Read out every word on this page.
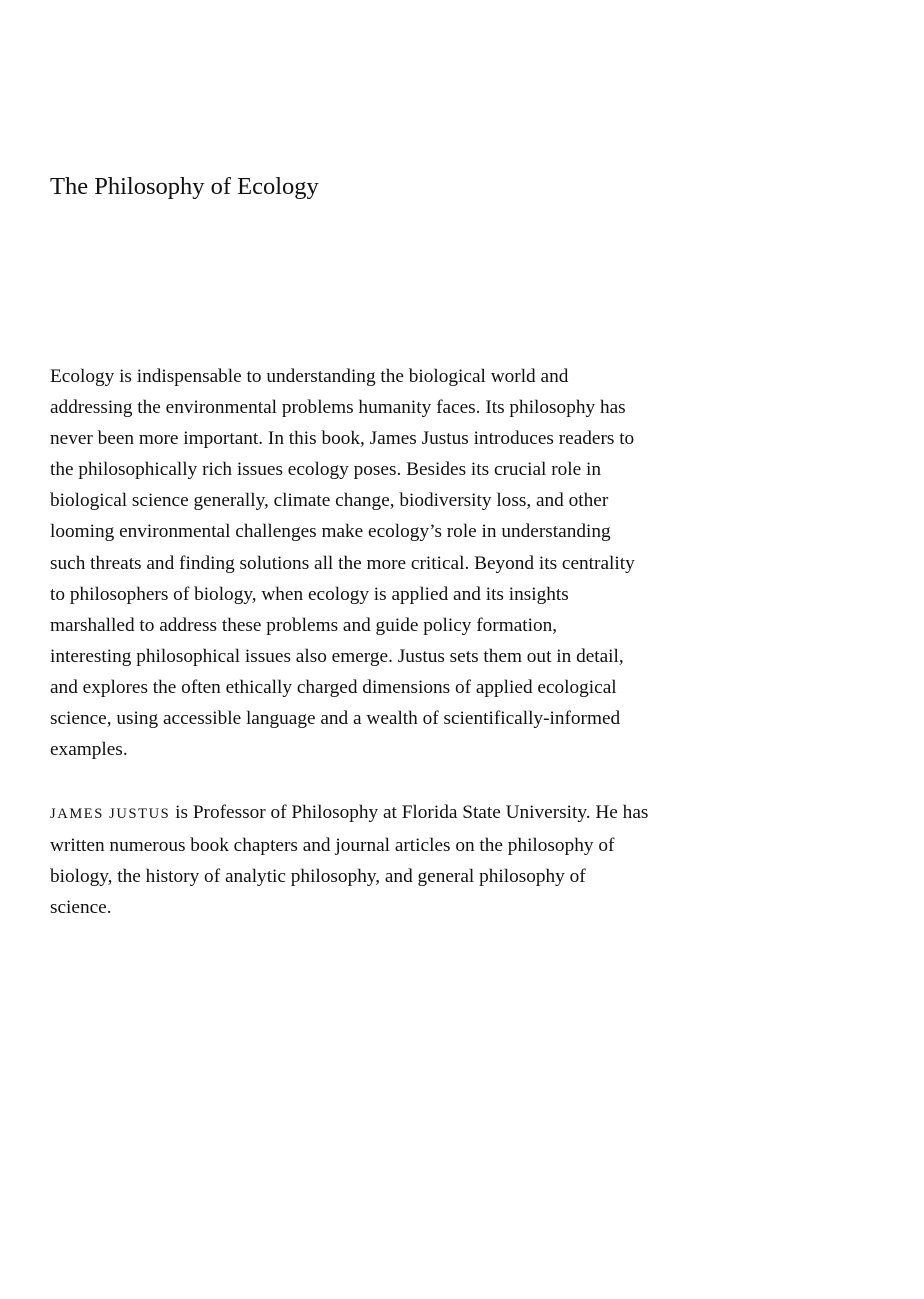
The Philosophy of Ecology

Ecology is indispensable to understanding the biological world and
addressing the environmental problems humanity faces. Its philosophy has
never been more important. In this book, James Justus introduces readers to
the philosophically rich issues ecology poses. Besides its crucial role in
biological science generally, climate change, biodiversity loss, and other
looming environmental challenges make ecology’s role in understanding
such threats and finding solutions all the more critical. Beyond its centrality
to philosophers of biology, when ecology is applied and its insights
marshalled to address these problems and guide policy formation,
interesting philosophical issues also emerge. Justus sets them out in detail,
and explores the often ethically charged dimensions of applied ecological
science, using accessible language and a wealth of scientifically-informed
examples.

JAMES JUSTUS is Professor of Philosophy at Florida State University. He has
written numerous book chapters and journal articles on the philosophy of
biology, the history of analytic philosophy, and general philosophy of
science.
